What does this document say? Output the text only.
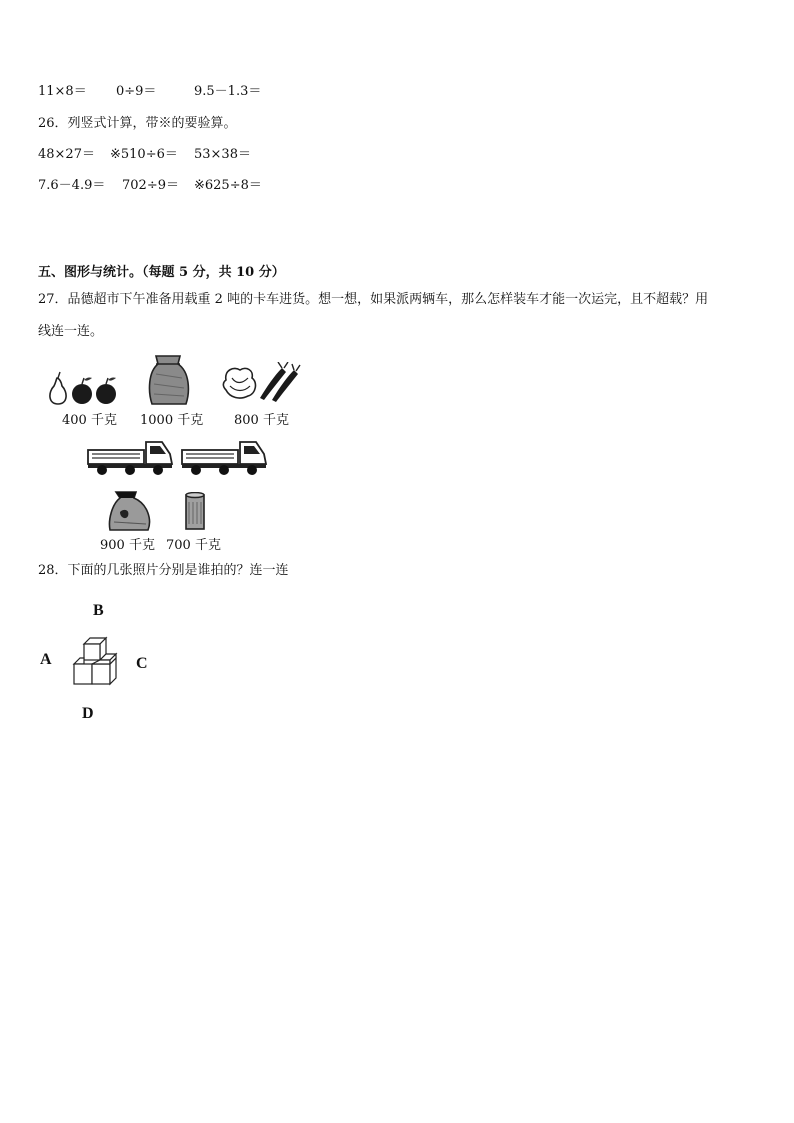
11×8＝ 0÷9＝	9.5－1.3＝
26．列竖式计算，带※的要验算。
48×27＝ ※510÷6＝ 53×38＝
7.6－4.9＝ 702÷9＝ ※625÷8＝
五、图形与统计。（每题 5 分，共 10 分）
27．品德超市下午准备用载重 2 吨的卡车进货。想一想，如果派两辆车，那么怎样装车才能一次运完，且不超载？用
线连一连。
400 千克 1000 千克 800 千克
900 千克 700 千克
28．下面的几张照片分别是谁拍的？连一连
B
A	C
D
